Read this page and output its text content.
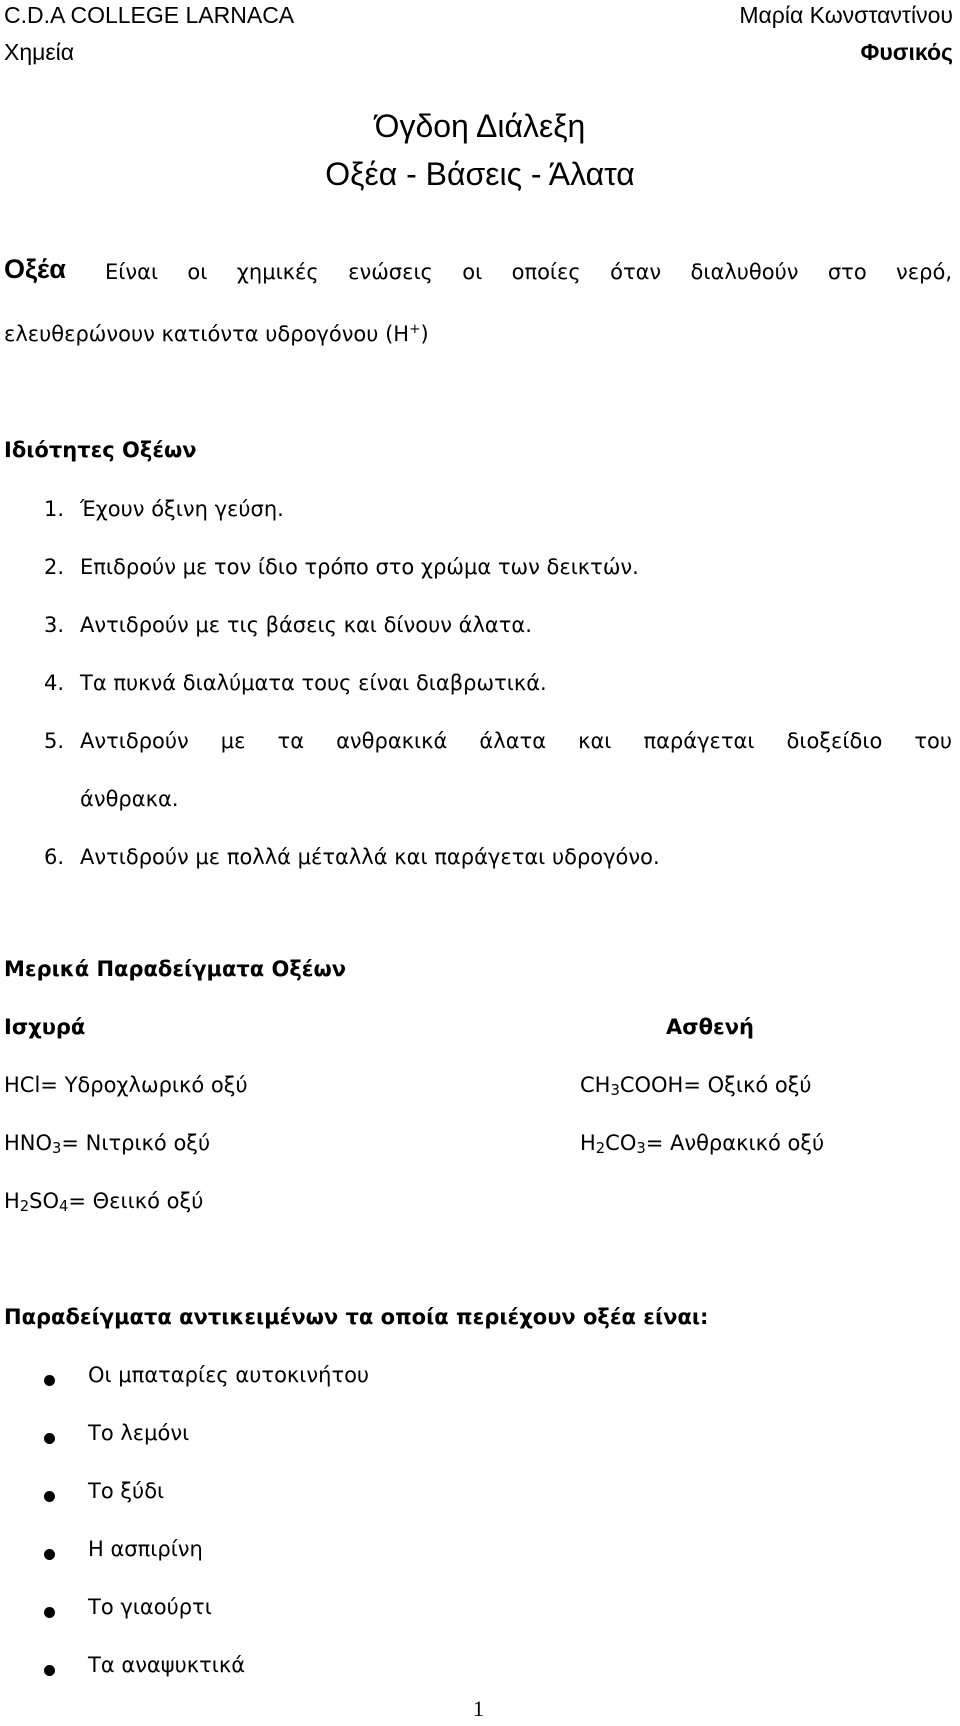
C.D.A COLLEGE LARNACA
Χημεία
Μαρία Κωνσταντίνου
Φυσικός
Όγδοη Διάλεξη
Οξέα - Βάσεις - Άλατα
Οξέα Είναι οι χημικές ενώσεις οι οποίες όταν διαλυθούν στο νερό,
ελευθερώνουν κατιόντα υδρογόνου (Η+)
Ιδιότητες Οξέων
1. Έχουν όξινη γεύση.
2. Επιδρούν με τον ίδιο τρόπο στο χρώμα των δεικτών.
3. Αντιδρούν με τις βάσεις και δίνουν άλατα.
4. Τα πυκνά διαλύματα τους είναι διαβρωτικά.
5. Αντιδρούν με τα ανθρακικά άλατα και παράγεται διοξείδιο του
άνθρακα.
6. Αντιδρούν με πολλά μέταλλά και παράγεται υδρογόνο.
Μερικά Παραδείγματα Οξέων
Ισχυρά	Ασθενή
HCl= Υδροχλωρικό οξύ
$HNO_3= N\iota\tau\rho\iota\kappa ό$ οξύ
$H_2SO_4= \Theta\varepsilon\iota\iota\kappa ό$ οξύ
$CH_3COOH= O\xi\iota\kappa ό$ οξύ
$H_2CO_3= A\nu\theta\rho\alpha\kappa\iota\kappa ό$ οξύ
Παραδείγματα αντικειμένων τα οποία περιέχουν οξέα είναι:
Οι μπαταρίες αυτοκινήτου
Το λεμόνι
Το ξύδι
Η ασπιρίνη
Το γιαούρτι
Τα αναψυκτικά
1
